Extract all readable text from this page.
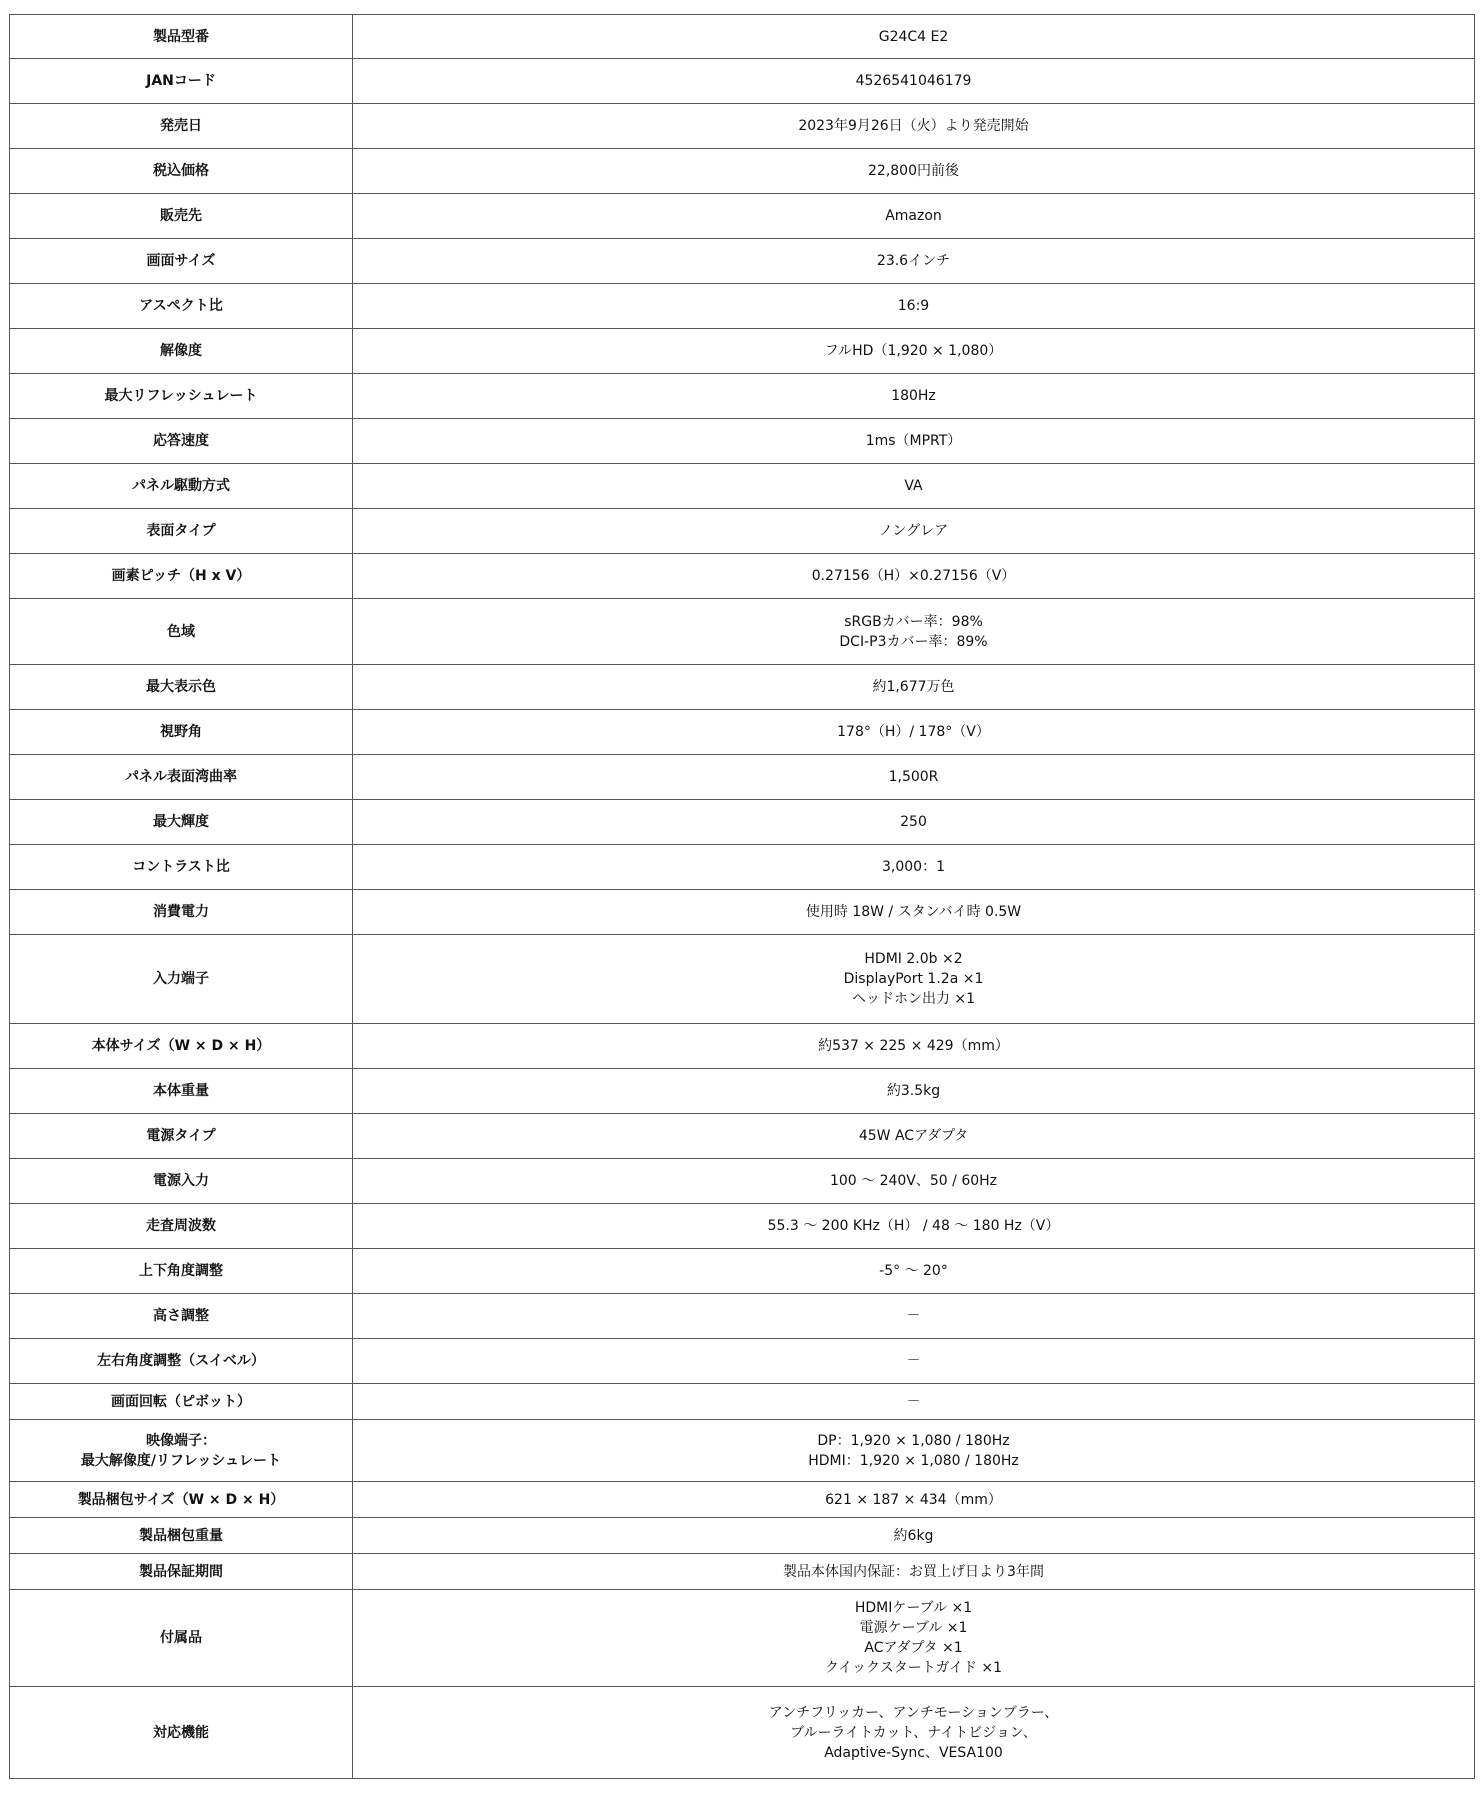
製品型番	G24C4 E2

JANコード	4526541046179

発売日	2023年9月26日（火）より発売開始

税込価格	22,800円前後

販売先	Amazon

画面サイズ	23.6インチ

アスペクト比	16:9

解像度	フルHD（1,920 × 1,080）

最大リフレッシュレート	180Hz

応答速度	1ms（MPRT）

パネル駆動方式	VA

表面タイプ	ノングレア

画素ピッチ（H x V）	0.27156（H）×0.27156（V）

色域	sRGBカバー率：98%
DCI-P3カバー率：89%

最大表示色	約1,677万色

視野角	178°（H）/ 178°（V）

パネル表面湾曲率	1,500R

最大輝度	250

コントラスト比	3,000：1

消費電力	使用時 18W / スタンバイ時 0.5W

入力端子	HDMI 2.0b ×2
DisplayPort 1.2a ×1
ヘッドホン出力 ×1

本体サイズ（W × D × H）	約537 × 225 × 429（mm）

本体重量	約3.5kg

電源タイプ	45W ACアダプタ

電源入力	100 ～ 240V、50 / 60Hz

走査周波数	55.3 ～ 200 KHz（H） / 48 ～ 180 Hz（V）

上下角度調整	-5° ～ 20°

高さ調整	－

左右角度調整（スイベル）	－

画面回転（ピボット）	－

映像端子：
最大解像度/リフレッシュレート	DP：1,920 × 1,080 / 180Hz
HDMI：1,920 × 1,080 / 180Hz

製品梱包サイズ（W × D × H）	621 × 187 × 434（mm）

製品梱包重量	約6kg

製品保証期間	製品本体国内保証：お買上げ日より3年間

付属品	HDMIケーブル ×1
電源ケーブル ×1
ACアダプタ ×1
クイックスタートガイド ×1

対応機能	アンチフリッカー、アンチモーションブラー、
ブルーライトカット、ナイトビジョン、
Adaptive-Sync、VESA100
